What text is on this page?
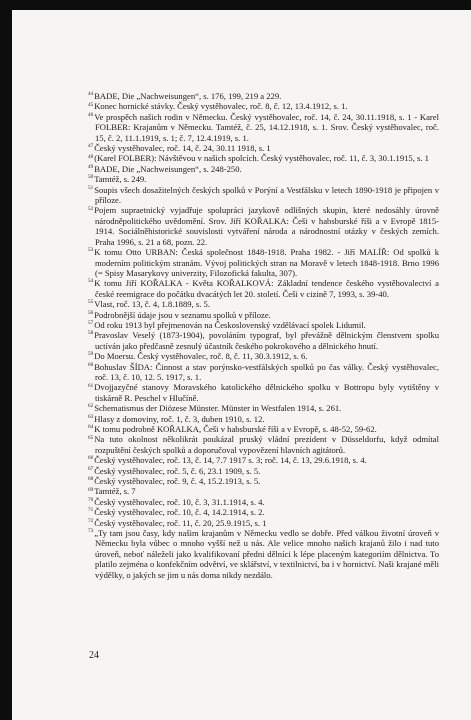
$^{44}$BADE, Die „Nachweisungen“, s. 176, 199, 219 a 229.

$^{45}$Konec hornické stávky. Český vystěhovalec, roč. 8, č. 12, 13.4.1912, s. 1.

$^{46}$Ve prospěch našich rodin v Německu. Český vystěhovalec, roč. 14, č. 24, 30.11.1918, s. 1 - Karel FOLBER: Krajanům v Německu. Tamtéž, č. 25, 14.12.1918, s. 1. Srov. Český vystěhovalec, roč. 15, č. 2, 11.1.1919, s. 1; č. 7, 12.4.1919, s. 1.

$^{47}$Český vystěhovalec, roč. 14, č. 24, 30.11 1918, s. 1

$^{48}$(Karel FOLBER): Návštěvou v našich spolcích. Český vystěhovalec, roč. 11, č. 3, 30.1.1915, s. 1

$^{49}$BADE, Die „Nachweisungen“, s. 248-250.

$^{50}$Tamtéž, s. 249.

$^{51}$Soupis všech dosažitelných českých spolků v Porýní a Vestfálsku v letech 1890-1918 je připojen v příloze.

$^{52}$Pojem supraetnický vyjadřuje spolupráci jazykově odlišných skupin, které nedosáhly úrovně národněpolitického uvědomění. Srov. Jiří KOŘALKA: Češi v habsburské říši a v Evropě 1815-1914. Sociálněhistorické souvislosti vytváření národa a národnostní otázky v českých zemích. Praha 1996, s. 21 a 68, pozn. 22.

$^{53}$K tomu Otto URBAN: Česká společnost 1848-1918. Praha 1982. - Jiří MALÍŘ: Od spolků k moderním politickým stranám. Vývoj politických stran na Moravě v letech 1848-1918. Brno 1996 (= Spisy Masarykovy univerzity, Filozofická fakulta, 307).

$^{54}$K tomu Jiří KOŘALKA - Květa KOŘALKOVÁ: Základní tendence českého vystěhovalectví a české reemigrace do počátku dvacátých let 20. století. Češi v cizině 7, 1993, s. 39-40.

$^{55}$Vlast, roč. 13, č. 4, 1.8.1889, s. 5.

$^{56}$Podrobnější údaje jsou v seznamu spolků v příloze.

$^{57}$Od roku 1913 byl přejmenován na Československý vzdělávací spolek Lidumil.

$^{58}$Pravoslav Veselý (1873-1904), povoláním typograf, byl převážně dělnickým členstvem spolku uctíván jako předčasně zesnulý účastník českého pokrokového a dělnického hnutí.

$^{59}$Do Moersu. Český vystěhovalec, roč. 8, č. 11, 30.3.1912, s. 6.

$^{60}$Bohuslav ŠÍDA: Činnost a stav porýnsko-vestfálských spolků po čas války. Český vystěhovalec, roč. 13, č. 10, 12. 5. 1917, s. 1.

$^{61}$Dvojjazyčné stanovy Moravského katolického dělnického spolku v Bottropu byly vytištěny v tiskárně R. Peschel v Hlučíně.

$^{62}$Schematismus der Diözese Münster. Münster in Westfalen 1914, s. 261.

$^{63}$Hlasy z domoviny, roč. 1, č. 3, duben 1910, s. 12.

$^{64}$K tomu podrobně KOŘALKA, Češi v habsburské říši a v Evropě, s. 48-52, 59-62.

$^{65}$Na tuto okolnost několikrát poukázal pruský vládní prezident v Düsseldorfu, když odmítal rozpuštění českých spolků a doporučoval vypovězení hlavních agitátorů.

$^{66}$Český vystěhovalec, roč. 13, č. 14, 7.7 1917 s. 3; roč. 14, č. 13, 29.6.1918, s. 4.

$^{67}$Český vystěhovalec, roč. 5, č. 6, 23.1 1909, s. 5.

$^{68}$Český vystěhovalec, roč. 9, č. 4, 15.2.1913, s. 5.

$^{69}$Tamtéž, s. 7

$^{70}$Český vystěhovalec, roč. 10, č. 3, 31.1.1914, s. 4.

$^{71}$Český vystěhovalec, roč. 10, č. 4, 14.2.1914, s. 2.

$^{72}$Český vystěhovalec, roč. 11, č. 20, 25.9.1915, s. 1

$^{73}$„Ty tam jsou časy, kdy našim krajanům v Německu vedlo se dobře. Před válkou životní úroveň v Německu byla vůbec o mnoho vyšší než u nás. Ale velice mnoho našich krajanů žilo i nad tuto úroveň, neboť náleželi jako kvalifikovaní předni dělníci k lépe placeným kategoriím dělnictva. To platilo zejména o konfekčním odvětví, ve sklářství, v textilnictví, ba i v hornictví. Naši krajané měli výdělky, o jakých se jim u nás doma nikdy nezdálo.

24
